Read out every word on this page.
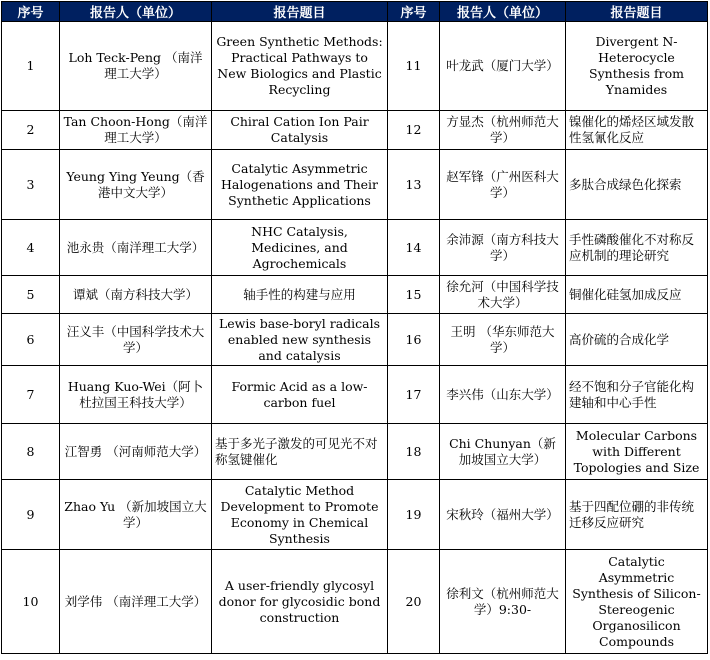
序号	报告人（单位）	报告题目	序号	报告人（单位）	报告题目
1	Loh Teck-Peng （南洋理工大学）	Green Synthetic Methods: Practical Pathways to New Biologics and Plastic Recycling	11	叶龙武（厦门大学）	Divergent N-Heterocycle Synthesis from Ynamides
2	Tan Choon-Hong（南洋理工大学）	Chiral Cation Ion Pair Catalysis	12	方显杰（杭州师范大学）	镍催化的烯烃区域发散性氢氰化反应
3	Yeung Ying Yeung（香港中文大学）	Catalytic Asymmetric Halogenations and Their Synthetic Applications	13	赵军锋（广州医科大学）	多肽合成绿色化探索
4	池永贵（南洋理工大学）	NHC Catalysis, Medicines, and Agrochemicals	14	余沛源（南方科技大学）	手性磷酸催化不对称反应机制的理论研究
5	谭斌（南方科技大学）	轴手性的构建与应用	15	徐允河（中国科学技术大学）	铜催化硅氢加成反应
6	汪义丰（中国科学技术大学）	Lewis base-boryl radicals enabled new synthesis and catalysis	16	王明 （华东师范大学）	高价硫的合成化学
7	Huang Kuo-Wei（阿卜杜拉国王科技大学）	Formic Acid as a low-carbon fuel	17	李兴伟（山东大学）	经不饱和分子官能化构建轴和中心手性
8	江智勇 （河南师范大学）	基于多光子激发的可见光不对称氢键催化	18	Chi Chunyan（新加坡国立大学）	Molecular Carbons with Different Topologies and Size
9	Zhao Yu （新加坡国立大学）	Catalytic Method Development to Promote Economy in Chemical Synthesis	19	宋秋玲（福州大学）	基于四配位硼的非传统迁移反应研究
10	刘学伟 （南洋理工大学）	A user-friendly glycosyl donor for glycosidic bond construction	20	徐利文（杭州师范大学）9:30-	Catalytic Asymmetric Synthesis of Silicon-Stereogenic Organosilicon Compounds
